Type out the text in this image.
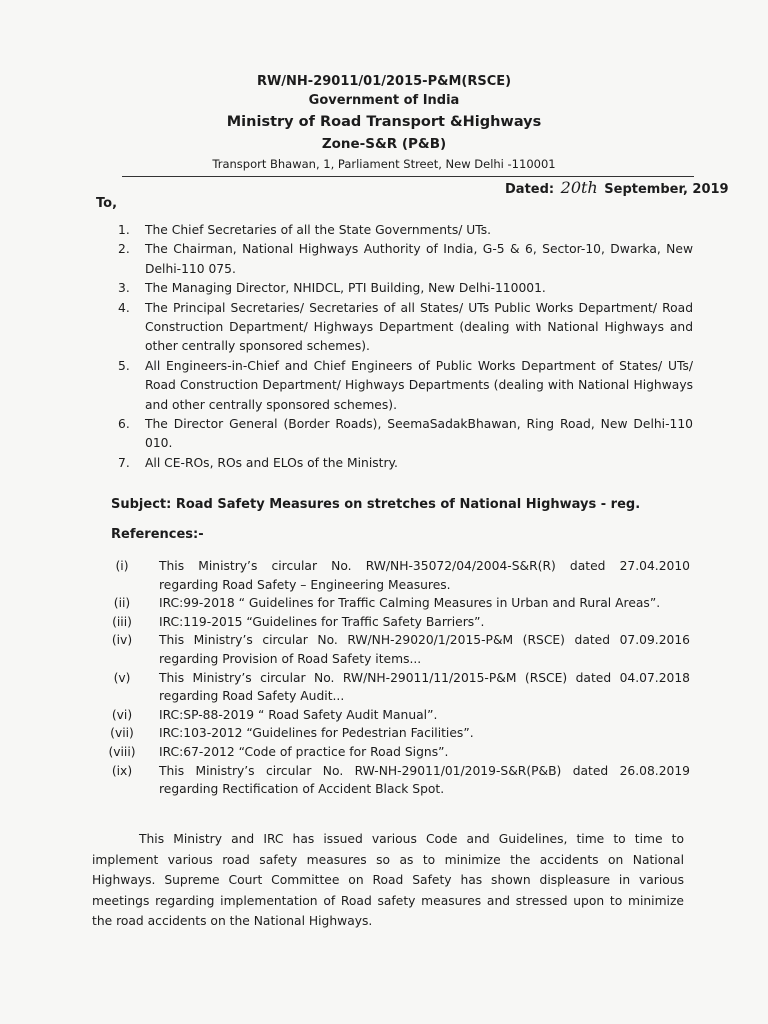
RW/NH-29011/01/2015-P&M(RSCE)
Government of India
Ministry of Road Transport &Highways
Zone-S&R (P&B)
Transport Bhawan, 1, Parliament Street, New Delhi -110001
Dated: 20th September, 2019
To,
1. The Chief Secretaries of all the State Governments/ UTs.
2. The Chairman, National Highways Authority of India, G-5 & 6, Sector-10, Dwarka, New Delhi-110 075.
3. The Managing Director, NHIDCL, PTI Building, New Delhi-110001.
4. The Principal Secretaries/ Secretaries of all States/ UTs Public Works Department/ Road Construction Department/ Highways Department (dealing with National Highways and other centrally sponsored schemes).
5. All Engineers-in-Chief and Chief Engineers of Public Works Department of States/ UTs/ Road Construction Department/ Highways Departments (dealing with National Highways and other centrally sponsored schemes).
6. The Director General (Border Roads), SeemaSadakBhawan, Ring Road, New Delhi-110 010.
7. All CE-ROs, ROs and ELOs of the Ministry.
Subject: Road Safety Measures on stretches of National Highways - reg.
References:-
(i)	This Ministry’s circular No. RW/NH-35072/04/2004-S&R(R) dated 27.04.2010 regarding Road Safety – Engineering Measures.
(ii)	IRC:99-2018 “ Guidelines for Traffic Calming Measures in Urban and Rural Areas”.
(iii)	IRC:119-2015 “Guidelines for Traffic Safety Barriers”.
(iv)	This Ministry’s circular No. RW/NH-29020/1/2015-P&M (RSCE) dated 07.09.2016 regarding Provision of Road Safety items...
(v)	This Ministry’s circular No. RW/NH-29011/11/2015-P&M (RSCE) dated 04.07.2018 regarding Road Safety Audit...
(vi)	IRC:SP-88-2019 “ Road Safety Audit Manual”.
(vii)	IRC:103-2012 “Guidelines for Pedestrian Facilities”.
(viii)	IRC:67-2012 “Code of practice for Road Signs”.
(ix)	This Ministry’s circular No. RW-NH-29011/01/2019-S&R(P&B) dated 26.08.2019 regarding Rectification of Accident Black Spot.

This Ministry and IRC has issued various Code and Guidelines, time to time to implement various road safety measures so as to minimize the accidents on National Highways. Supreme Court Committee on Road Safety has shown displeasure in various meetings regarding implementation of Road safety measures and stressed upon to minimize the road accidents on the National Highways.
